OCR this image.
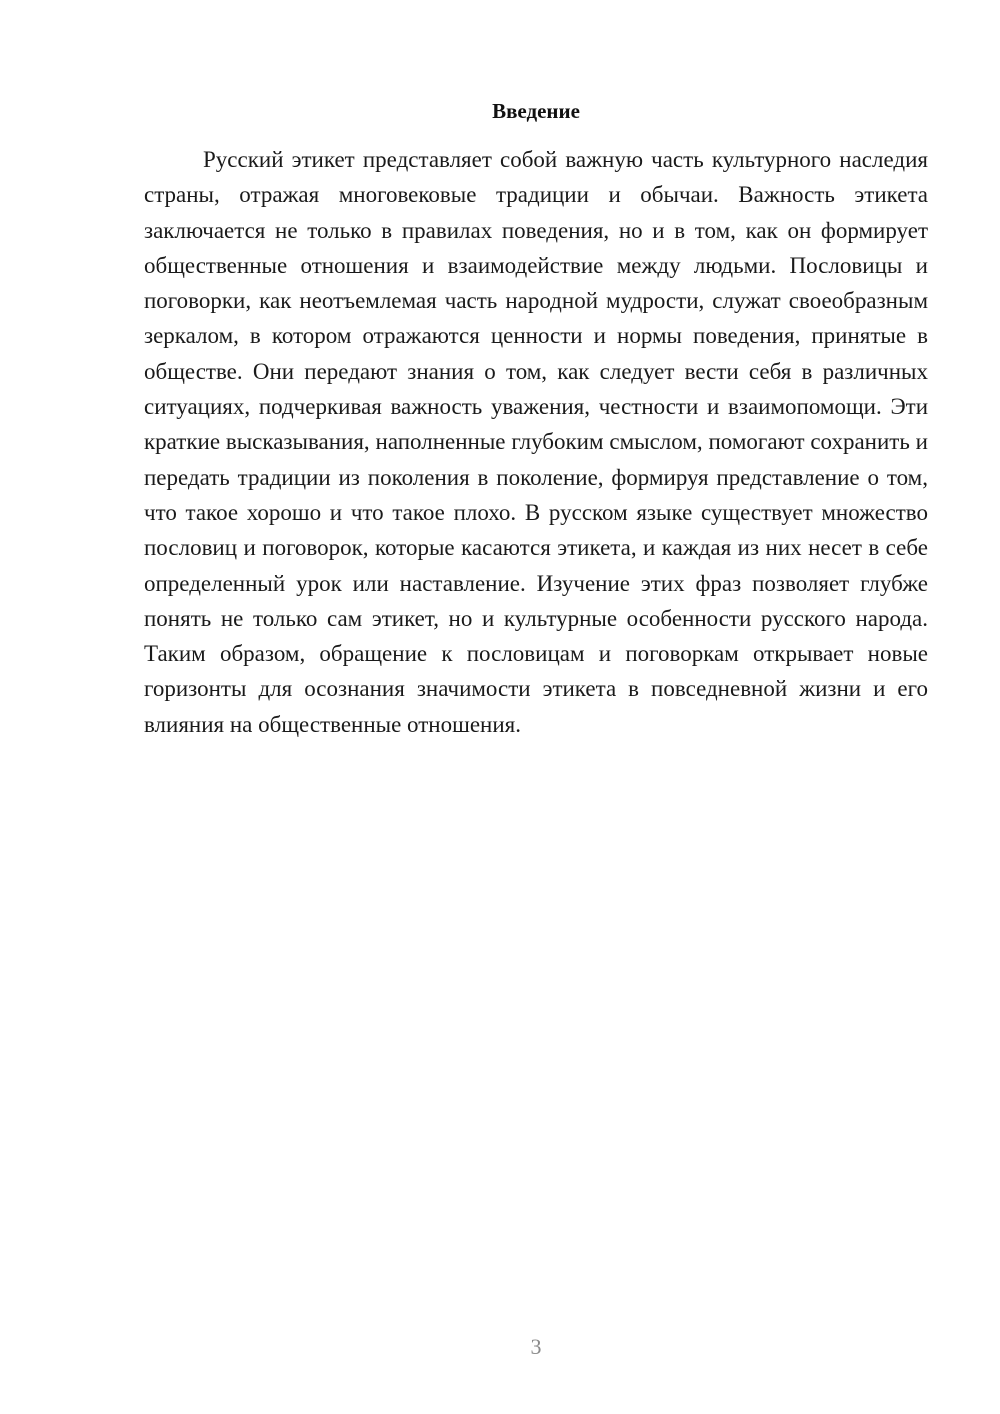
Введение

Русский этикет представляет собой важную часть культурного наследия страны, отражая многовековые традиции и обычаи. Важность этикета заключается не только в правилах поведения, но и в том, как он формирует общественные отношения и взаимодействие между людьми. Пословицы и поговорки, как неотъемлемая часть народной мудрости, служат своеобразным зеркалом, в котором отражаются ценности и нормы поведения, принятые в обществе. Они передают знания о том, как следует вести себя в различных ситуациях, подчеркивая важность уважения, честности и взаимопомощи. Эти краткие высказывания, наполненные глубоким смыслом, помогают сохранить и передать традиции из поколения в поколение, формируя представление о том, что такое хорошо и что такое плохо. В русском языке существует множество пословиц и поговорок, которые касаются этикета, и каждая из них несет в себе определенный урок или наставление. Изучение этих фраз позволяет глубже понять не только сам этикет, но и культурные особенности русского народа. Таким образом, обращение к пословицам и поговоркам открывает новые горизонты для осознания значимости этикета в повседневной жизни и его влияния на общественные отношения.

3
